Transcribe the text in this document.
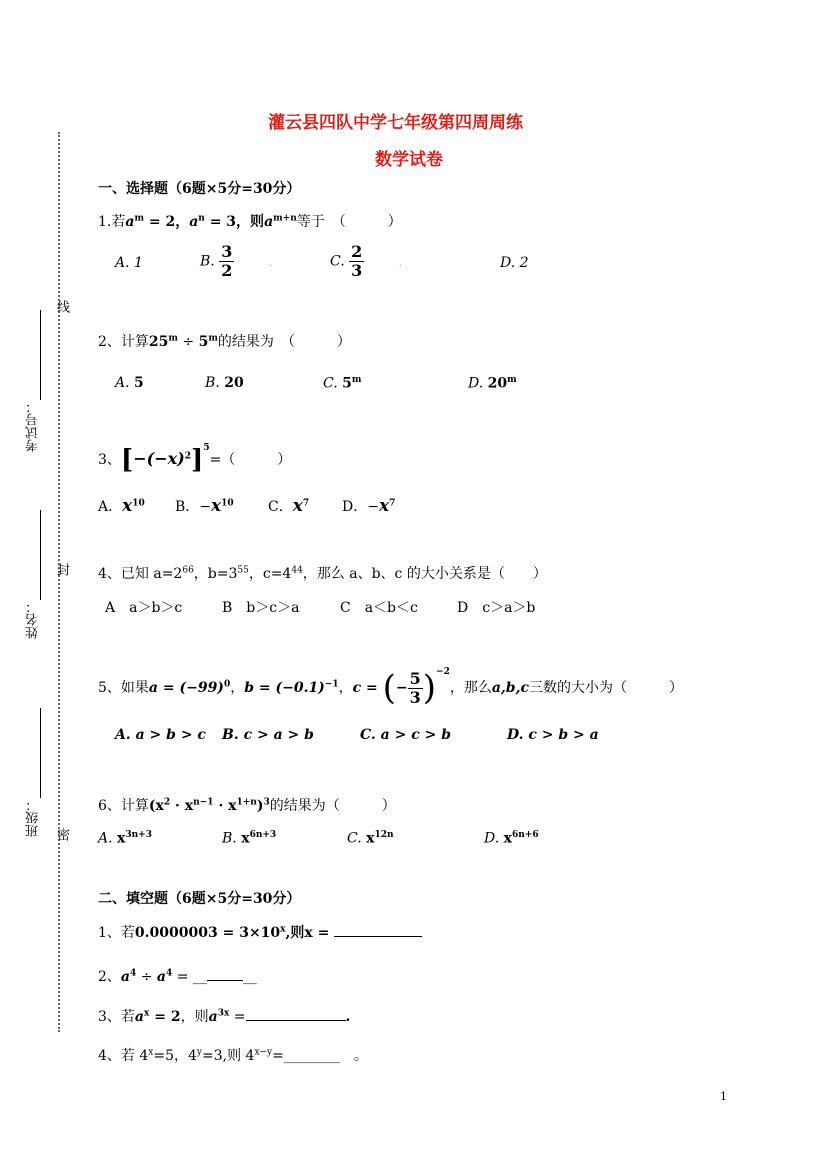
线
封
密
考试号：
姓名：
班级：
灌云县四队中学七年级第四周周练
数学试卷
一、选择题（6题×5分=30分）
1.若$a^m = 2$，$a^n = 3$，则$a^{m+n}$等于　（　　　）
A. 1	B. $\frac{3}{2}$	.	C. $\frac{2}{3}$	.	D. 2
2、计算$25^m \div 5^m$的结果为　（　　　）
A. 5	B. 20	C. 5$^m$	D. 20$^m$
3、$[-(-x)^2]^5=$（　　　）
A．$x^{10}$ B．$-x^{10}$ C．$x^7$ D．$-x^7$
4、已知 $a=2^{66}$，$b=3^{55}$，$c=4^{44}$，那么 a、b、c 的大小关系是（　　）
A　a＞b＞c	B　b＞c＞a	C　a＜b＜c	D　c＞a＞b
5、如果$a = (-99)^0$，$b = (-0.1)^{-1}$，c = (− $\frac{5}{3} )^{-2}$，那么a,b,c三数的大小为（　　　）
A. a > b > c B. c > a > b	C. a > c > b	D. c > b > a
6、计算$(x^2 \cdot x^{n-1} \cdot x^{1+n})^3$的结果为（　　　）
A. $x^{3n+3}$	B. $x^{6n+3}$	C. $x^{12n}$	D. $x^{6n+6}$
二、填空题（6题×5分=30分）
1、若$0.0000003 = 3\times 10^x$,则x =
2、$a^4 \div a^4$ = __	__
3、若$a^x = 2$，则$a^{3x}$ =	.
4、若 $4^x=5$，$4^y=3$,则 $4^{x-y}=\_\_\_\_\_\_\_\_$　。
1
